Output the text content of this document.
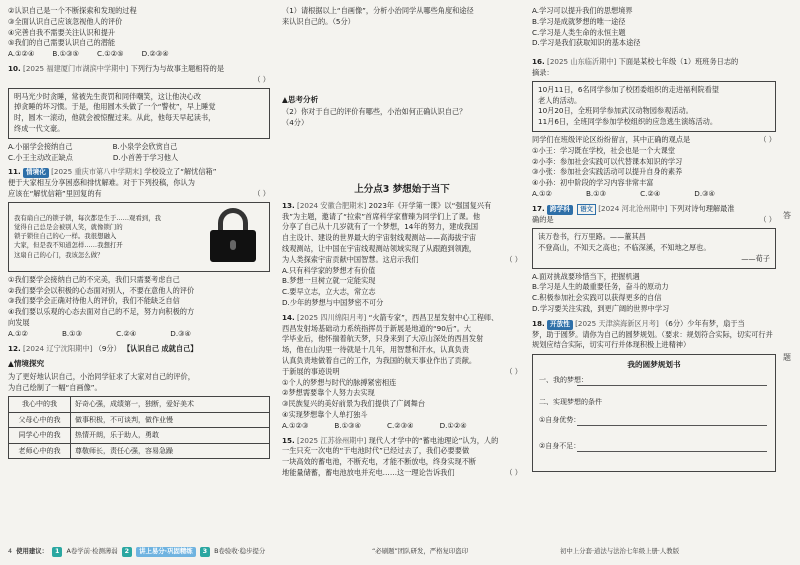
②认识自己是一个不断探索和发现的过程
③全面认识自己应该忽视他人的评价
④完善自我不需要关注认识和提升
⑤我们的自己需要认识自己的潜能
A.①②④	B.①③⑤	C.①②⑤	D.②③④
10. [2025 福建厦门市湖滨中学期中] 下列行为与故事主题相符的是
（ ）
明马光少时贪睡，常被先生责罚和同伴嘲笑，这让他决心改
掉贪睡的坏习惯。于是，他用圆木头做了一个“警枕”，早上睡觉
时，圆木一滚动，他就会被惊醒过来。从此，他每天早起读书，
终成一代文豪。
A.小丽学会接纳自己	B.小泉学会欣赏自己
C.小王主动改正缺点	D.小首善于学习他人
11. 情境化 [2025 重庆市第八中学期末] 学校设立了“解忧信箱”
便于大家相互分享困惑和排忧解难。对于下列投稿，你认为
应该在“解忧信箱”里回复的有	（ ）
我有扇自己的锁子锁，每次都是生于……观看到，我
觉得自己总是会被别人笑，就像锁门的
锁子锁住自己的心一样。我很想融入
大家，但是我不知道怎样……我想打开
这扇自己的心门，我该怎么做？
①我们要学会接纳自己的不完美，我们只需要考虑自己
②我们要学会以积极的心态面对别人，不要在意他人的评价
③我们要学会正确对待他人的评价，我们不能缺乏自信
④我们要以乐观的心态去面对自己的不足，努力向积极的方
向发展
A.①②	B.①③	C.②④	D.③④
12. [2024 辽宁沈阳期中] （9分） 【认识自己 成就自己】
▲情境探究
为了更好地认识自己，小治同学征求了大家对自己的评价，
为自己绘制了一幅“自画像”。
我心中的我	好奇心强，成绩第一，独断，爱好美术
父母心中的我	做事积极，不可谈判，做作业慢
同学心中的我	热情开朗，乐于助人，勇敢
老师心中的我	尊敬师长，责任心强，容易急躁
（1）请根据以上“自画像”，分析小治同学从哪些角度和途径
来认识自己的。（5分）
▲思考分析
（2）你对于自己的评价有哪些，小治如何正确认识自己？
（4分）
上分点3 梦想始于当下
13. [2024 安徽合肥期末] 2023年《开学第一课》以“强国复兴有
我”为主题，邀请了“拉索”首席科学家曹臻为同学们上了课。他
分享了自己从十几岁就有了一个梦想，14年的努力，建成我国
自主设计、建设的世界最大的宇宙射线观测站——高海拔宇宙
线观测站，让中国在宇宙线观测站领域实现了从跟跑到领跑，
为人类探索宇宙贡献中国智慧。这启示我们	（ ）
A.只有科学家的梦想才有价值
B.梦想一旦树立就一定能实现
C.要早立志，立大志，常立志
D.少年的梦想与中国梦密不可分
14. [2025 四川绵阳月考] “火箭专家”，西昌卫星发射中心工程师、
西昌发射场基础动力系统指挥员于新展是地道的“90后”。大
学毕业后，他怀揣着航天梦，只身来到了大凉山深处的西昌发射
场，他在山沟里一待就是十几年，用智慧和汗水，认真负责
认真负责地做着自己的工作，为我国的航天事业作出了贡献。
于新展的事迹说明	（ ）
①个人的梦想与时代的脉搏紧密相连
②梦想需要靠个人努力去实现
③民族复兴的美好前景为我们提供了广阔舞台
④实现梦想靠个人单打独斗
A.①②③	B.①③④	C.②③④	D.①②④
15. [2025 江苏徐州期中] 现代人才学中的“蓄电池理论”认为，人的
一生只充一次电的“干电池时代”已经过去了，我们必要要做
一块高效的蓄电池，不断充电，才能不断放电，终身实现不断
地能量储蓄，蓄电池放电并充电……这一理论告诉我们	（ ）
A.学习可以提升我们的思想境界
B.学习是成就梦想的唯一途径
C.学习是人类生命的永恒主题
D.学习是我们获取知识的基本途径
16. [2025 山东临沂期中] 下面是某校七年级（1）班班务日志的
摘录：
10月11日，6名同学参加了校团委组织的走进福利院看望
老人的活动。
10月20日，全班同学参加武汉动物园参观活动。
11月6日，全班同学参加学校组织的应急逃生演练活动。
同学们在班级评论区纷纷留言，其中正确的观点是	（ ）
①小王：学习既在学校，社会也是一个大课堂
②小李：参加社会实践可以代替课本知识的学习
③小张：参加社会实践活动可以提升自身的素养
④小孙：初中阶段的学习内容非常丰富
A.①②	B.①③	C.②④	D.③④
17. 跨学科 语文 [2024 河北沧州期中] 下列对诗句理解最准
确的是	（ ）
读万卷书，行万里路。——董其昌
不登高山，不知天之高也；不临深溪，不知地之厚也。
——荀子
A.面对挑战要珍惜当下，把握机遇
B.学习是人生的最重要任务，奋斗的原动力
C.积极参加社会实践可以获得更多的自信
D.学习要关注实践，到更广阔的世界中学习
18. 开放性 [2025 天津滨海新区月考] （6分）少年有梦，扇于当
梦，助于圆梦。请你为自己的圆梦规划。（要求：规划符合实际，切实可行并
规划应结合实际，切实可行并体现积极上进精神）
我的圆梦规划书
一、我的梦想：
二、实现梦想的条件
①自身优势：
②自身不足：
答
题
4 使用建议：	1	A卷学前·检测薄弱	2	讲上易分·巩固精练	3	B卷验收·稳步提分	“必刷题”团队研发，严格复印盗印	初中上分套·道法与法治七年级上册·人教版
